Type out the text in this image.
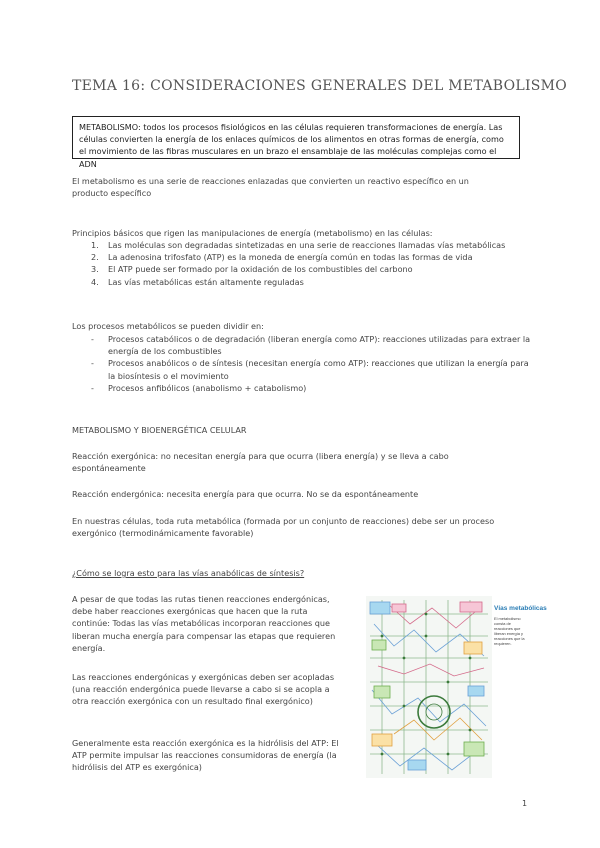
TEMA 16: CONSIDERACIONES GENERALES DEL METABOLISMO
METABOLISMO: todos los procesos fisiológicos en las células requieren transformaciones de energía. Las células convierten la energía de los enlaces químicos de los alimentos en otras formas de energía, como el movimiento de las fibras musculares en un brazo el ensamblaje de las moléculas complejas como el ADN
El metabolismo es una serie de reacciones enlazadas que convierten un reactivo específico en un producto específico
Principios básicos que rigen las manipulaciones de energía (metabolismo) en las células:
1. Las moléculas son degradadas sintetizadas en una serie de reacciones llamadas vías metabólicas
2. La adenosina trifosfato (ATP) es la moneda de energía común en todas las formas de vida
3. El ATP puede ser formado por la oxidación de los combustibles del carbono
4. Las vías metabólicas están altamente reguladas
Los procesos metabólicos se pueden dividir en:
- Procesos catabólicos o de degradación (liberan energía como ATP): reacciones utilizadas para extraer la energía de los combustibles
- Procesos anabólicos o de síntesis (necesitan energía como ATP): reacciones que utilizan la energía para la biosíntesis o el movimiento
- Procesos anfibólicos (anabolismo + catabolismo)
METABOLISMO Y BIOENERGÉTICA CELULAR
Reacción exergónica: no necesitan energía para que ocurra (libera energía) y se lleva a cabo espontáneamente
Reacción endergónica: necesita energía para que ocurra. No se da espontáneamente
En nuestras células, toda ruta metabólica (formada por un conjunto de reacciones) debe ser un proceso exergónico (termodinámicamente favorable)
¿Cómo se logra esto para las vías anabólicas de síntesis?
A pesar de que todas las rutas tienen reacciones endergónicas, debe haber reacciones exergónicas que hacen que la ruta continúe: Todas las vías metabólicas incorporan reacciones que liberan mucha energía para compensar las etapas que requieren energía.
Las reacciones endergónicas y exergónicas deben ser acopladas (una reacción endergónica puede llevarse a cabo si se acopla a otra reacción exergónica con un resultado final exergónico)
Generalmente esta reacción exergónica es la hidrólisis del ATP: El ATP permite impulsar las reacciones consumidoras de energía (la hidrólisis del ATP es exergónica)
Vías metabólicas
El metabolismo consta de reacciones que liberan energía y reacciones que la requieren.
1
